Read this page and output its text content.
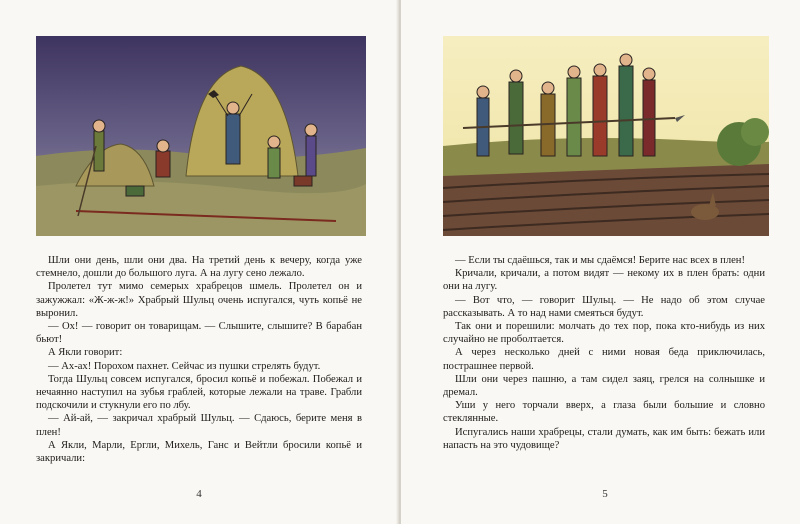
Шли они день, шли они два. На третий день к вечеру, когда уже стемнело, дошли до большого луга. А на лугу сено лежало.

Пролетел тут мимо семерых храбрецов шмель. Пролетел он и зажужжал: «Ж-ж-ж!» Храбрый Шульц очень испугался, чуть копьё не выронил.

— Ох! — говорит он товарищам. — Слышите, слышите? В барабан бьют!

А Якли говорит:

— Ах-ах! Порохом пахнет. Сейчас из пушки стрелять будут.

Тогда Шульц совсем испугался, бросил копьё и побежал. Побежал и нечаянно наступил на зубья граблей, которые лежали на траве. Грабли подскочили и стукнули его по лбу.

— Ай-ай, — закричал храбрый Шульц. — Сдаюсь, берите меня в плен!

А Якли, Марли, Ергли, Михель, Ганс и Вейтли бросили копьё и закричали:

4

— Если ты сдаёшься, так и мы сдаёмся! Берите нас всех в плен!

Кричали, кричали, а потом видят — некому их в плен брать: одни они на лугу.

— Вот что, — говорит Шульц. — Не надо об этом случае рассказывать. А то над нами смеяться будут.

Так они и порешили: молчать до тех пор, пока кто-нибудь из них случайно не проболтается.

А через несколько дней с ними новая беда приключилась, пострашнее первой.

Шли они через пашню, а там сидел заяц, грелся на солнышке и дремал.

Уши у него торчали вверх, а глаза были большие и словно стеклянные.

Испугались наши храбрецы, стали думать, как им быть: бежать или напасть на это чудовище?

5
